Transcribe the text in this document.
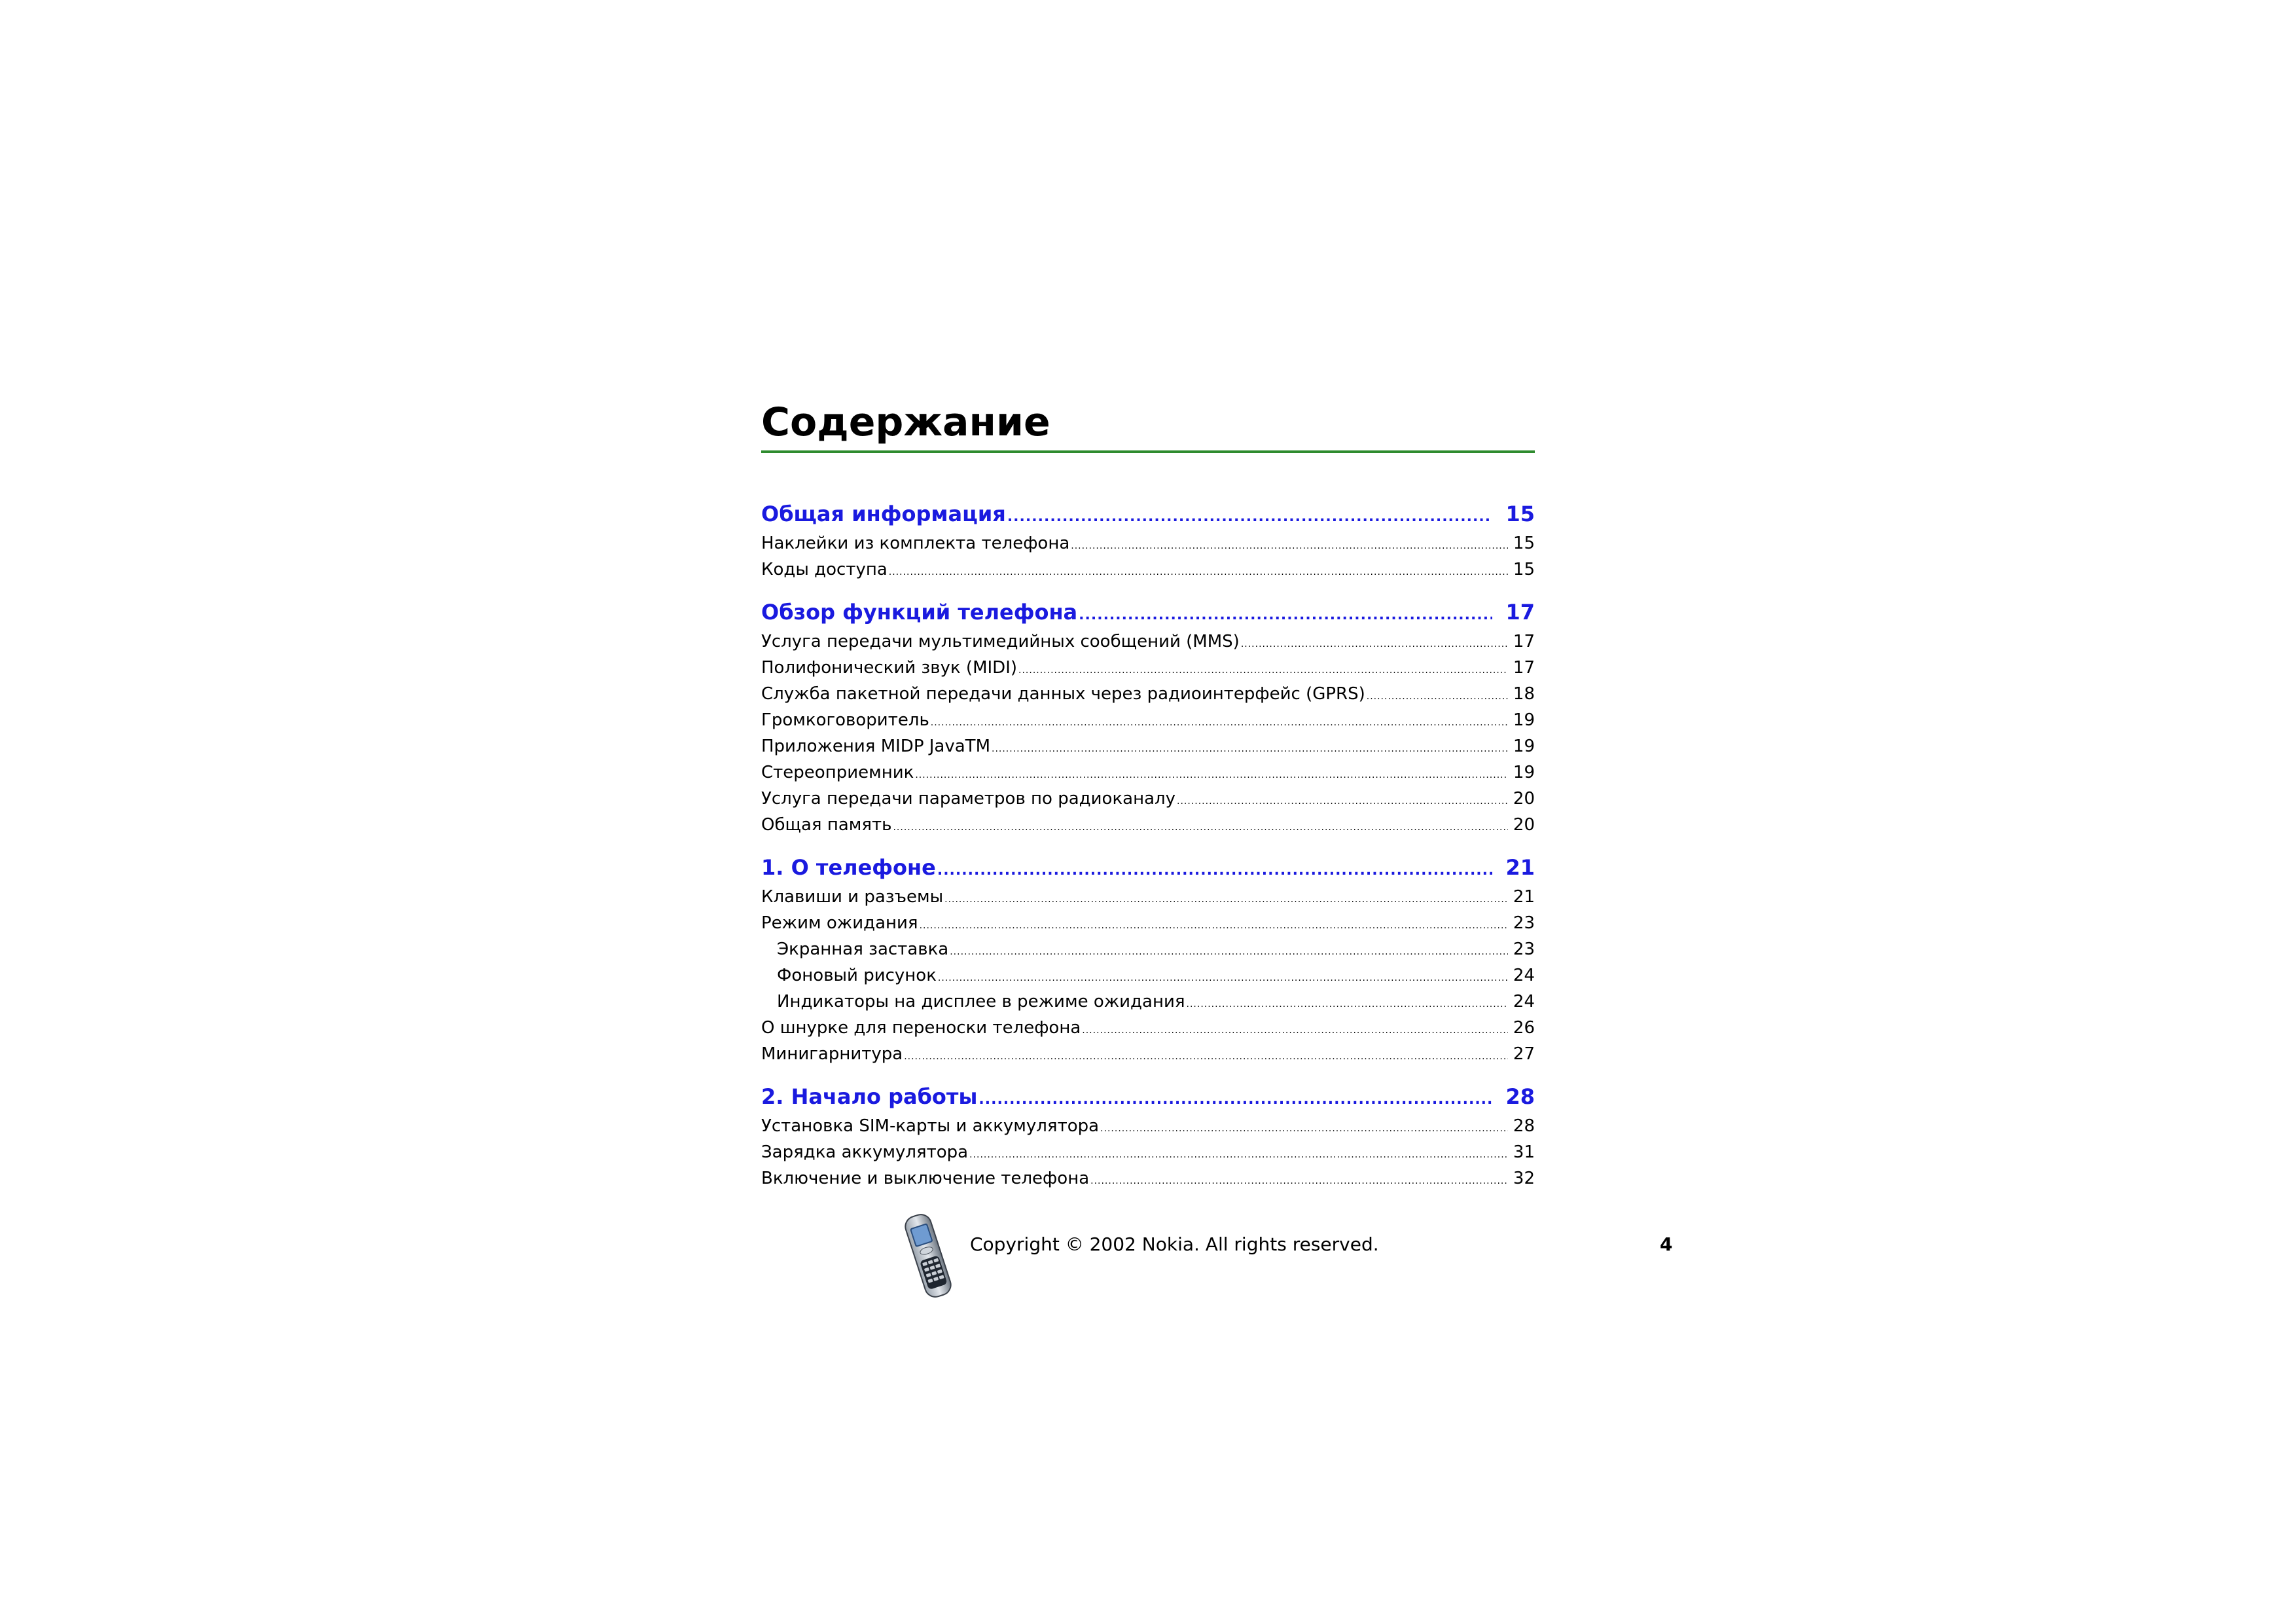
Содержание
Общая информация .....	15
Наклейки из комплекта телефона .....	15
Коды доступа .....	15
Обзор функций телефона .....	17
Услуга передачи мультимедийных сообщений (MMS) .....	17
Полифонический звук (MIDI) .....	17
Служба пакетной передачи данных через радиоинтерфейс (GPRS) .....	18
Громкоговоритель .....	19
Приложения MIDP JavaTM .....	19
Стереоприемник .....	19
Услуга передачи параметров по радиоканалу .....	20
Общая память .....	20
1. О телефоне .....	21
Клавиши и разъемы .....	21
Режим ожидания .....	23
Экранная заставка .....	23
Фоновый рисунок .....	24
Индикаторы на дисплее в режиме ожидания .....	24
О шнурке для переноски телефона .....	26
Минигарнитура .....	27
2. Начало работы .....	28
Установка SIM-карты и аккумулятора .....	28
Зарядка аккумулятора .....	31
Включение и выключение телефона .....	32
Copyright © 2002 Nokia. All rights reserved.	4
